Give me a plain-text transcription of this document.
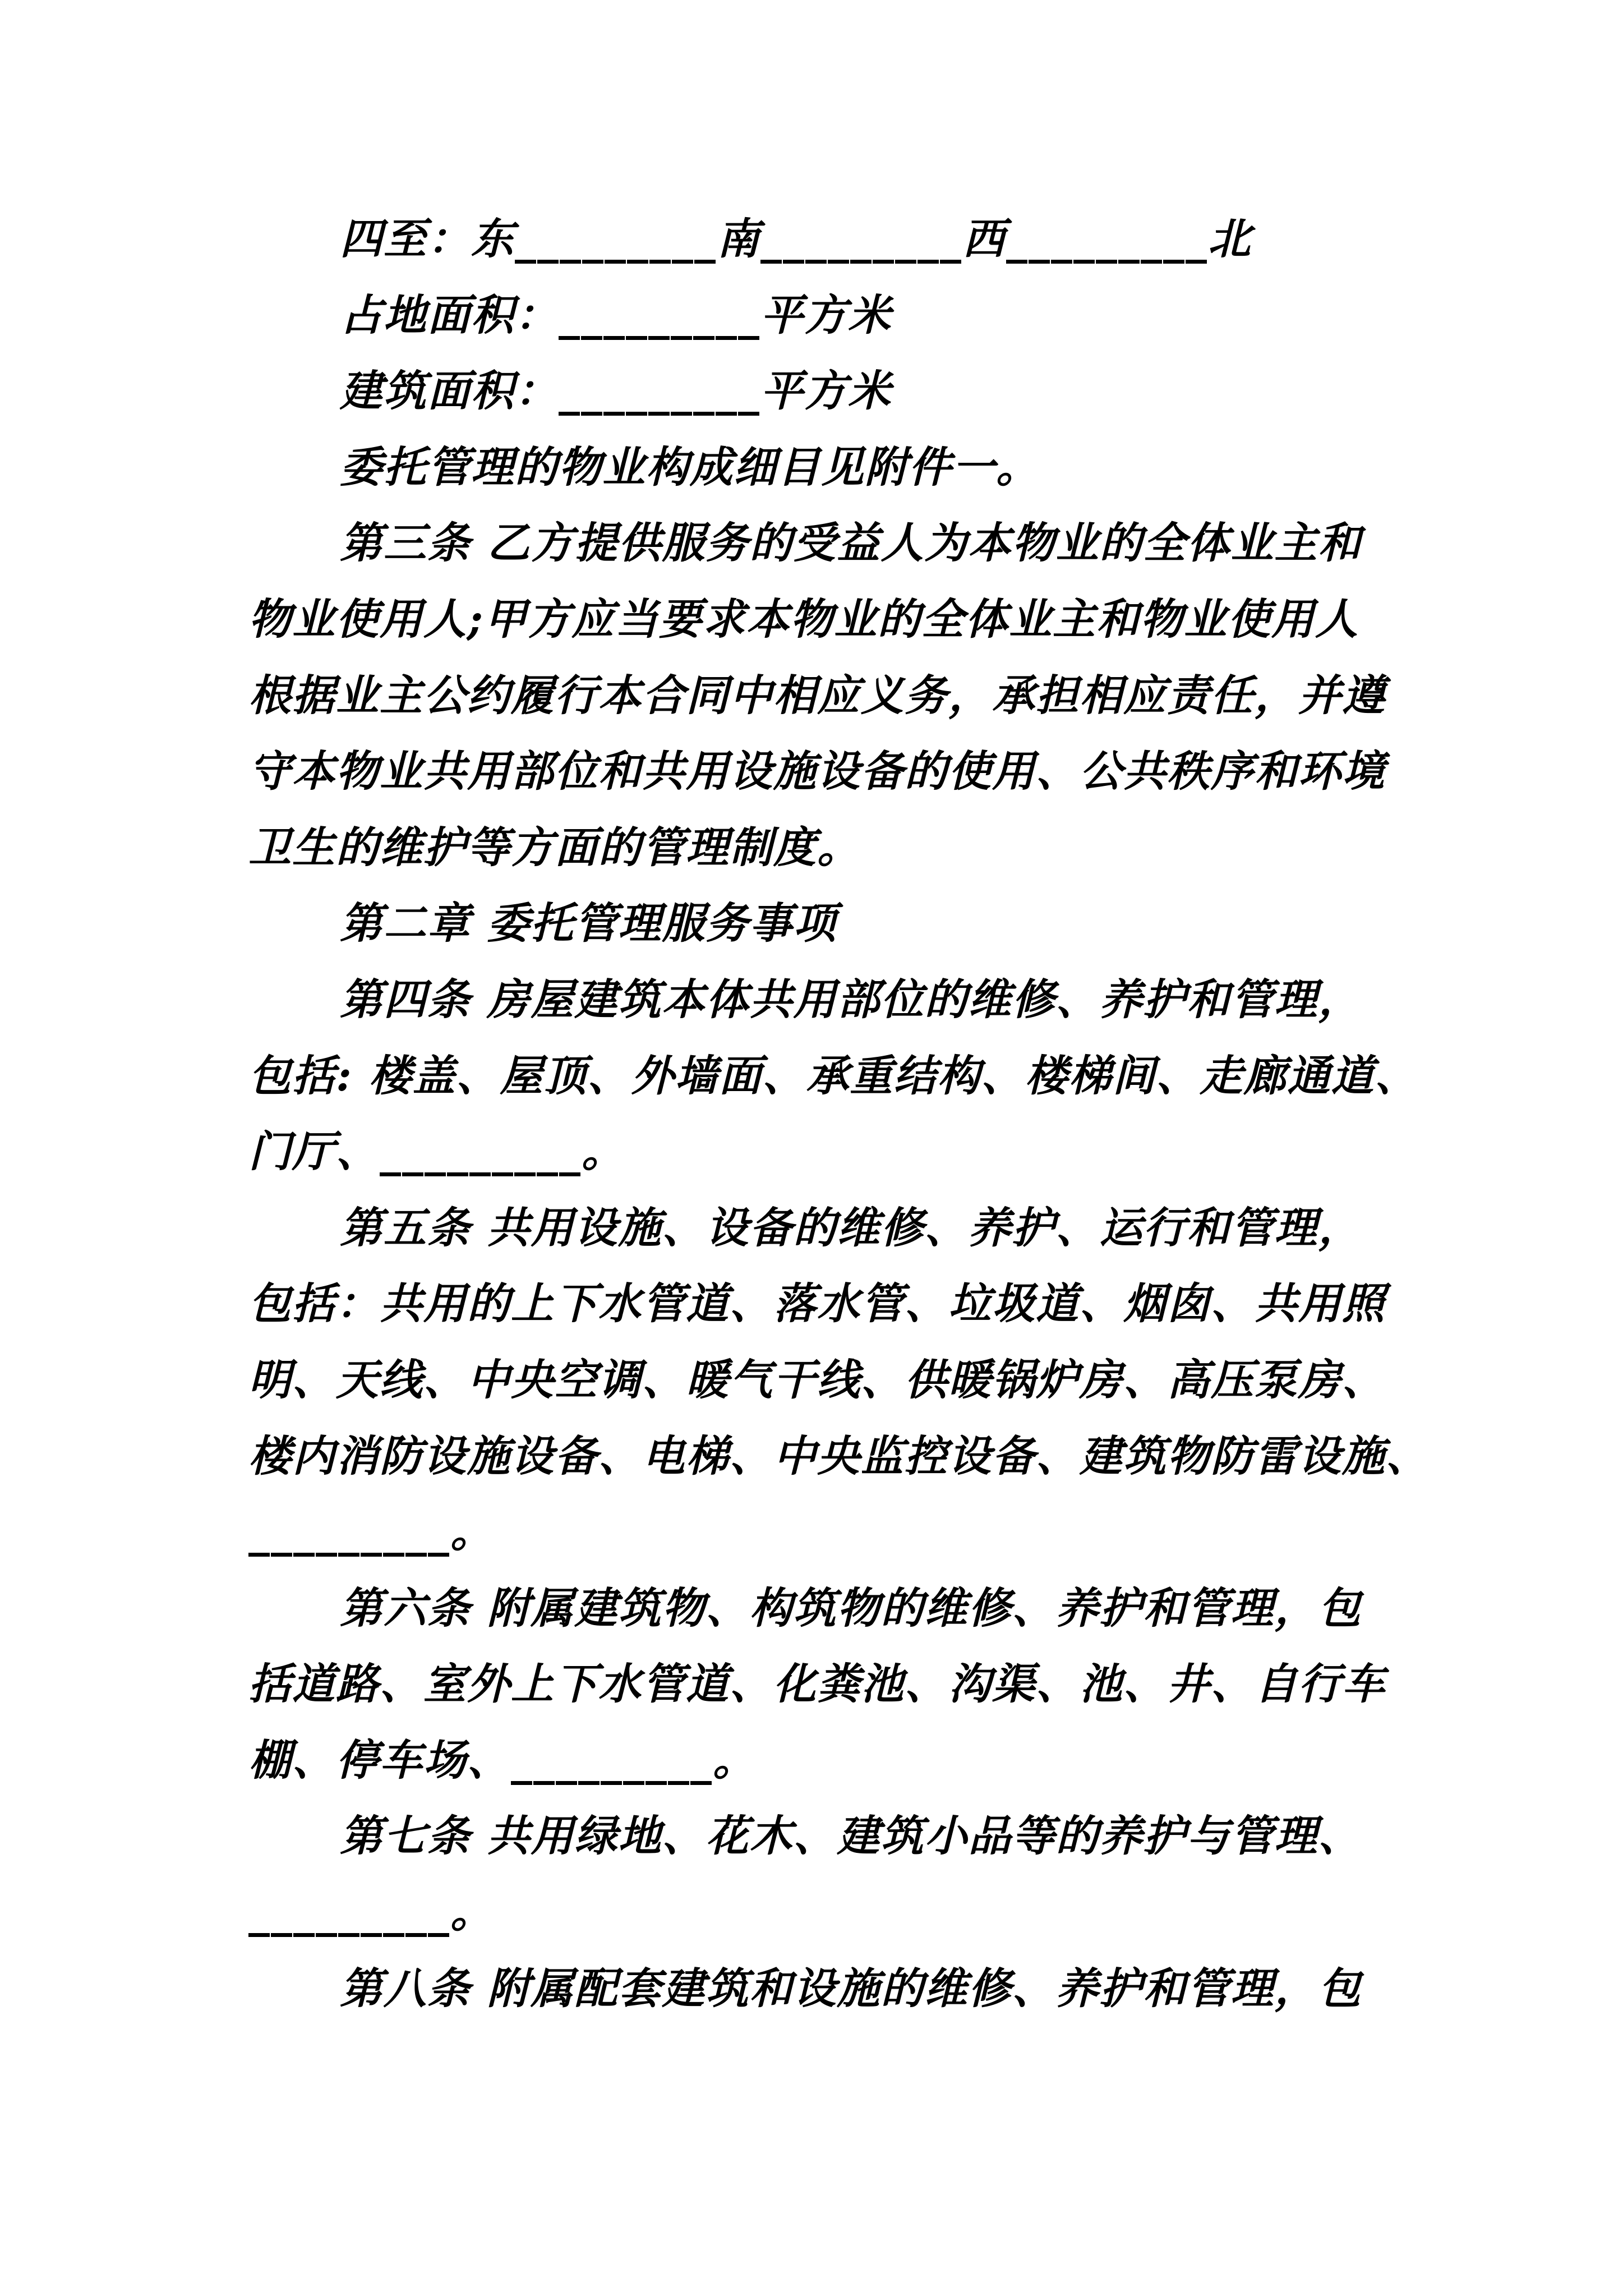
四至：东_________南_________西_________北
占地面积：_________平方米
建筑面积：_________平方米
委托管理的物业构成细目见附件一。
第三条 乙方提供服务的受益人为本物业的全体业主和
物业使用人;甲方应当要求本物业的全体业主和物业使用人
根据业主公约履行本合同中相应义务，承担相应责任，并遵
守本物业共用部位和共用设施设备的使用、公共秩序和环境
卫生的维护等方面的管理制度。
第二章 委托管理服务事项
第四条 房屋建筑本体共用部位的维修、养护和管理，
包括: 楼盖、屋顶、外墙面、承重结构、楼梯间、走廊通道、
门厅、_________。
第五条 共用设施、设备的维修、养护、运行和管理，
包括：共用的上下水管道、落水管、垃圾道、烟囱、共用照
明、天线、中央空调、暖气干线、供暖锅炉房、高压泵房、
楼内消防设施设备、电梯、中央监控设备、建筑物防雷设施、
_________。
第六条 附属建筑物、构筑物的维修、养护和管理，包
括道路、室外上下水管道、化粪池、沟渠、池、井、自行车
棚、停车场、_________。
第七条 共用绿地、花木、建筑小品等的养护与管理、
_________。
第八条 附属配套建筑和设施的维修、养护和管理，包
